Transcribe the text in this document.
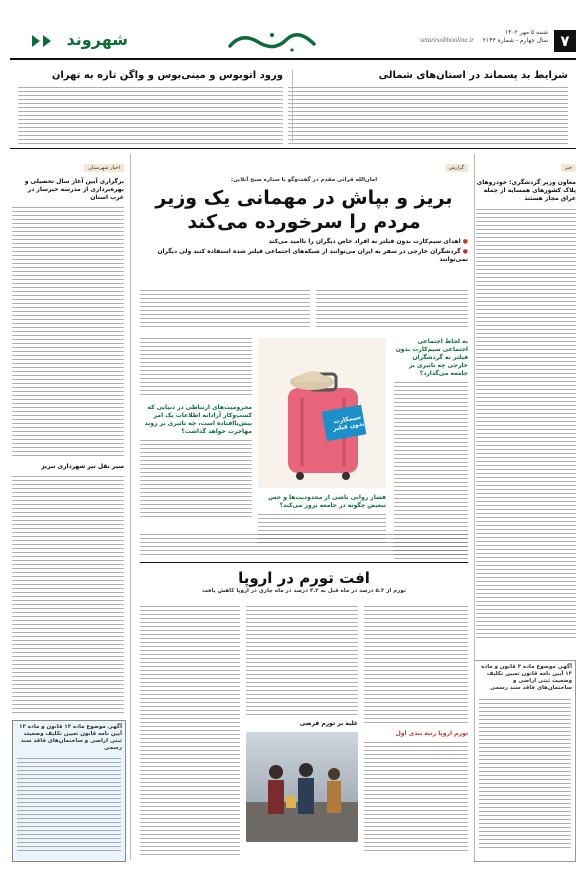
۷
شنبه ۵ مهر ۱۴۰۲
سال چهارم - شماره ۲۱۴۳
setaresobhonline.ir
شهروند
شرایط بد پسماند در استان‌های شمالی
ورود اتوبوس و مینی‌بوس و واگن تازه به تهران
خبر
معاون وزیر گردشگری: خودروهای پلاک کشورهای همسایه از جمله عراق مجاز هستند
آگهی موضوع ماده ۳ قانون و ماده ۱۳ آیین نامه قانون تعیین تکلیف وضعیت ثبتی اراضی و ساختمان‌های فاقد سند رسمی
اخبار شهرستان
برگزاری آیین آغاز سال تحصیلی و بهره‌برداری از مدرسه خیرساز در غرب استان
سیر نقل تیر شهرداری تبریز
آگهی موضوع ماده ۱۳ قانون و ماده ۱۳ آیین نامه قانون تعیین تکلیف وضعیت ثبتی اراضی و ساختمان‌های فاقد سند رسمی
گزارش
امان‌الله قرائی مقدم در گفت‌وگو با ستاره صبح آنلاین:
بریز و بپاش در مهمانی یک وزیر
مردم را سرخورده می‌کند
● اهدای سیم‌کارت بدون فیلتر به افراد خاص دیگران را ناامید می‌کند
● گردشگران خارجی در سفر به ایران می‌توانند از شبکه‌های اجتماعی فیلتر شده استفاده کنند ولی دیگران نمی‌توانند
سیمکارت بدون فیلتر
به لحاظ اجتماعی اجتماعی سیم‌کارت بدون فیلتر به گردشگران خارجی چه تاثیری بر جامعه می‌گذارد؟
محرومیت‌های ارتباطی در دنیایی که کسب‌وکار آزادانه اطلاعات یک امر پیش‌پاافتاده است، چه تاثیری بر روند مهاجرت خواهد گذاشت؟
فشار روانی ناشی از محدودیت‌ها و حس تبعیض چگونه در جامعه بروز می‌کند؟
افت تورم در اروپا
تورم از ۵.۲ درصد در ماه قبل به ۴.۳ درصد در ماه جاری در اروپا کاهش یافت
غلبه بر تورم فرضی
تورم اروپا رتبه بندی اول
